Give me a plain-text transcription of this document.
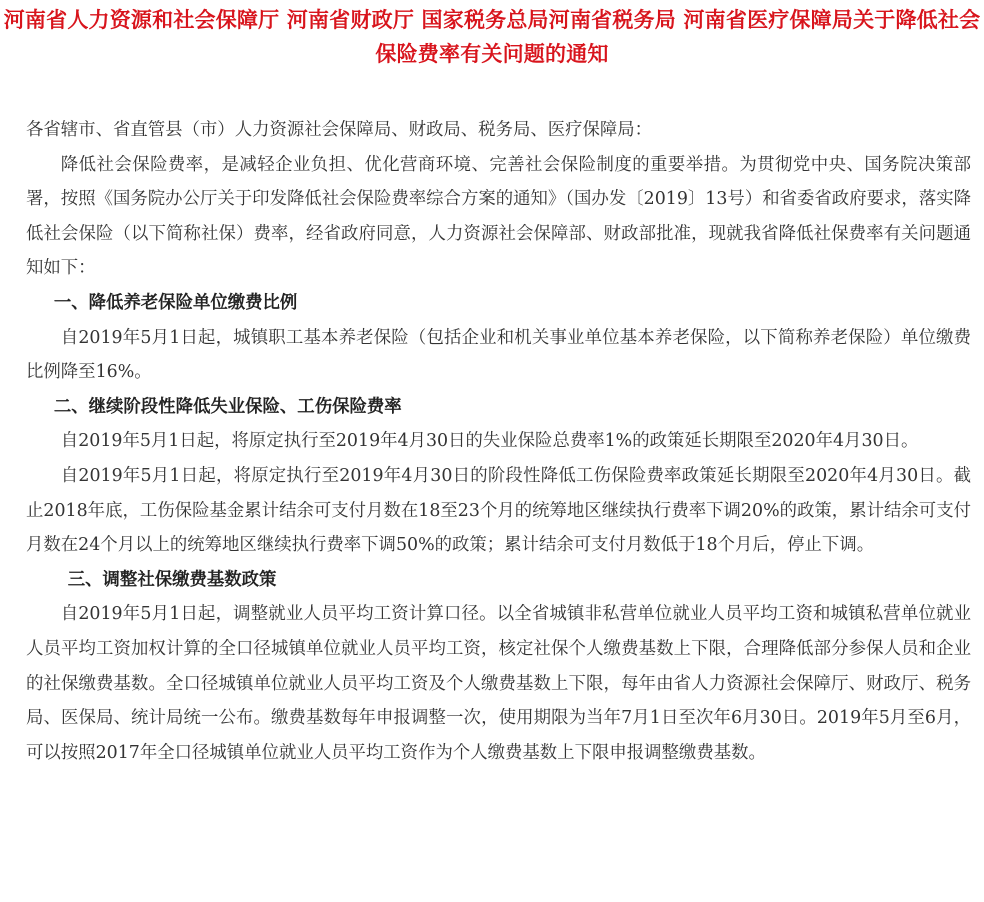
河南省人力资源和社会保障厅 河南省财政厅 国家税务总局河南省税务局 河南省医疗保障局关于降低社会保险费率有关问题的通知

各省辖市、省直管县（市）人力资源社会保障局、财政局、税务局、医疗保障局：

降低社会保险费率，是减轻企业负担、优化营商环境、完善社会保险制度的重要举措。为贯彻党中央、国务院决策部署，按照《国务院办公厅关于印发降低社会保险费率综合方案的通知》（国办发〔2019〕13号）和省委省政府要求，落实降低社会保险（以下简称社保）费率，经省政府同意，人力资源社会保障部、财政部批准，现就我省降低社保费率有关问题通知如下：

一、降低养老保险单位缴费比例

自2019年5月1日起，城镇职工基本养老保险（包括企业和机关事业单位基本养老保险，以下简称养老保险）单位缴费比例降至16%。

二、继续阶段性降低失业保险、工伤保险费率

自2019年5月1日起，将原定执行至2019年4月30日的失业保险总费率1%的政策延长期限至2020年4月30日。

自2019年5月1日起，将原定执行至2019年4月30日的阶段性降低工伤保险费率政策延长期限至2020年4月30日。截止2018年底，工伤保险基金累计结余可支付月数在18至23个月的统筹地区继续执行费率下调20%的政策，累计结余可支付月数在24个月以上的统筹地区继续执行费率下调50%的政策；累计结余可支付月数低于18个月后，停止下调。

三、调整社保缴费基数政策

自2019年5月1日起，调整就业人员平均工资计算口径。以全省城镇非私营单位就业人员平均工资和城镇私营单位就业人员平均工资加权计算的全口径城镇单位就业人员平均工资，核定社保个人缴费基数上下限，合理降低部分参保人员和企业的社保缴费基数。全口径城镇单位就业人员平均工资及个人缴费基数上下限，每年由省人力资源社会保障厅、财政厅、税务局、医保局、统计局统一公布。缴费基数每年申报调整一次，使用期限为当年7月1日至次年6月30日。2019年5月至6月，可以按照2017年全口径城镇单位就业人员平均工资作为个人缴费基数上下限申报调整缴费基数。
